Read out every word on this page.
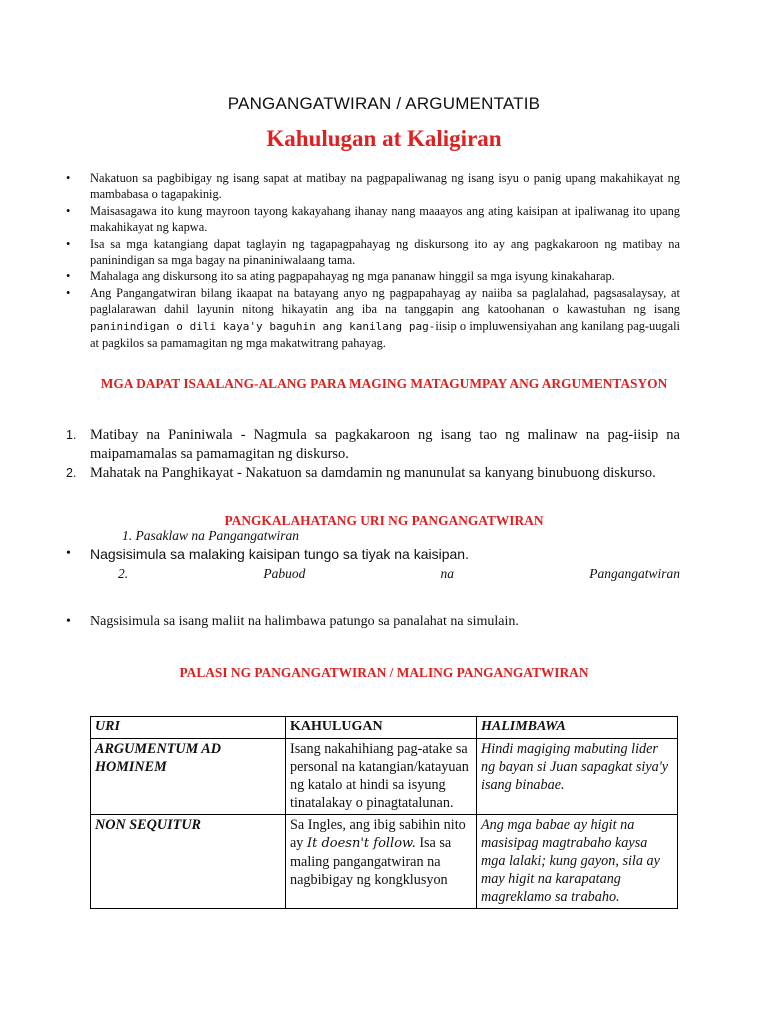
PANGANGATWIRAN / ARGUMENTATIB
Kahulugan at Kaligiran
• Nakatuon sa pagbibigay ng isang sapat at matibay na pagpapaliwanag ng isang isyu o panig upang makahikayat ng mambabasa o tagapakinig.
• Maisasagawa ito kung mayroon tayong kakayahang ihanay nang maaayos ang ating kaisipan at ipaliwanag ito upang makahikayat ng kapwa.
• Isa sa mga katangiang dapat taglayin ng tagapagpahayag ng diskursong ito ay ang pagkakaroon ng matibay na paninindigan sa mga bagay na pinaniniwalaang tama.
• Mahalaga ang diskursong ito sa ating pagpapahayag ng mga pananaw hinggil sa mga isyung kinakaharap.
• Ang Pangangatwiran bilang ikaapat na batayang anyo ng pagpapahayag ay naiiba sa paglalahad, pagsasalaysay, at paglalarawan dahil layunin nitong hikayatin ang iba na tanggapin ang katoohanan o kawastuhan ng isang paninindigan o dili kaya'y baguhin ang kanilang pag-iisip o impluwensiyahan ang kanilang pag-uugali at pagkilos sa pamamagitan ng mga makatwitrang pahayag.
MGA DAPAT ISAALANG-ALANG PARA MAGING MATAGUMPAY ANG ARGUMENTASYON
1. Matibay na Paniniwala - Nagmula sa pagkakaroon ng isang tao ng malinaw na pag-iisip na maipamamalas sa pamamagitan ng diskurso.
2. Mahatak na Panghikayat - Nakatuon sa damdamin ng manunulat sa kanyang binubuong diskurso.
PANGKALAHATANG URI NG PANGANGATWIRAN
1. Pasaklaw na Pangangatwiran
• Nagsisimula sa malaking kaisipan tungo sa tiyak na kaisipan.
2.	Pabuod	na	Pangangatwiran
• Nagsisimula sa isang maliit na halimbawa patungo sa panalahat na simulain.
PALASI NG PANGANGATWIRAN / MALING PANGANGATWIRAN
URI	KAHULUGAN	HALIMBAWA
ARGUMENTUM AD HOMINEM	Isang nakahihiang pag-atake sa personal na katangian/katayuan ng katalo at hindi sa isyung tinatalakay o pinagtatalunan.	Hindi magiging mabuting lider ng bayan si Juan sapagkat siya'y isang binabae.
NON SEQUITUR	Sa Ingles, ang ibig sabihin nito ay It doesn't follow. Isa sa maling pangangatwiran na nagbibigay ng kongklusyon	Ang mga babae ay higit na masisipag magtrabaho kaysa mga lalaki; kung gayon, sila ay may higit na karapatang magreklamo sa trabaho.
